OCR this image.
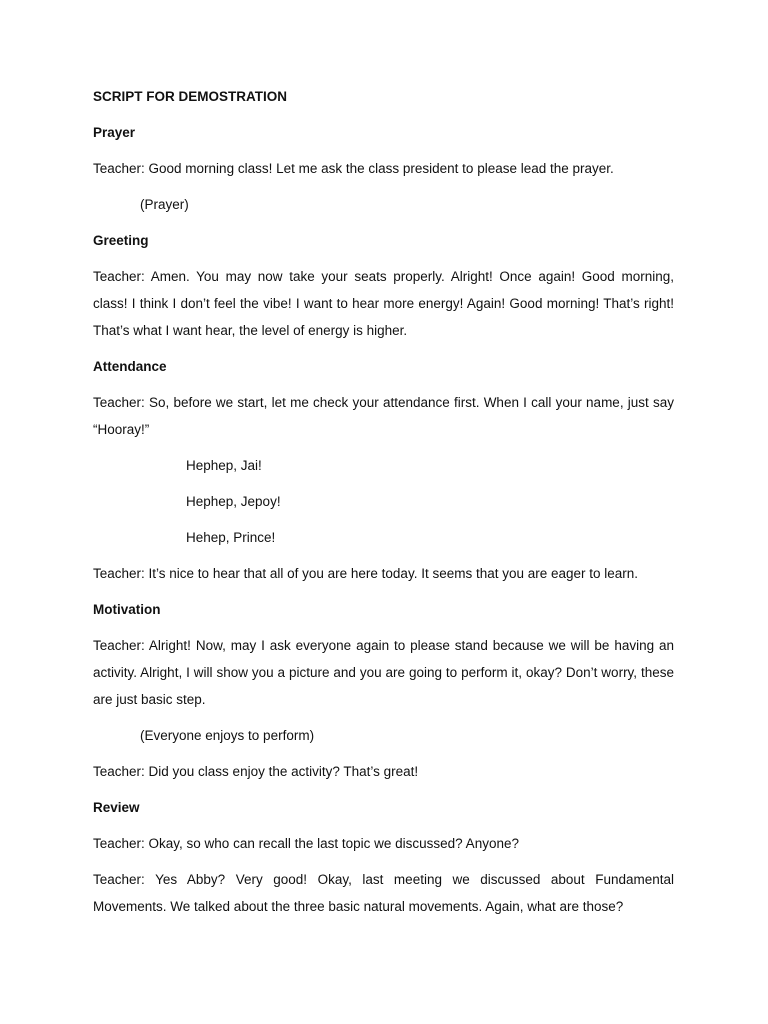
SCRIPT FOR DEMOSTRATION
Prayer

Teacher: Good morning class! Let me ask the class president to please lead the prayer.

(Prayer)

Greeting

Teacher: Amen. You may now take your seats properly. Alright! Once again! Good morning, class! I think I don’t feel the vibe! I want to hear more energy! Again! Good morning! That’s right! That’s what I want hear, the level of energy is higher.

Attendance

Teacher: So, before we start, let me check your attendance first. When I call your name, just say “Hooray!”

Hephep, Jai!

Hephep, Jepoy!

Hehep, Prince!

Teacher: It’s nice to hear that all of you are here today. It seems that you are eager to learn.

Motivation

Teacher: Alright! Now, may I ask everyone again to please stand because we will be having an activity. Alright, I will show you a picture and you are going to perform it, okay? Don’t worry, these are just basic step.

(Everyone enjoys to perform)

Teacher: Did you class enjoy the activity? That’s great!

Review

Teacher: Okay, so who can recall the last topic we discussed? Anyone?

Teacher: Yes Abby? Very good! Okay, last meeting we discussed about Fundamental Movements. We talked about the three basic natural movements. Again, what are those?
